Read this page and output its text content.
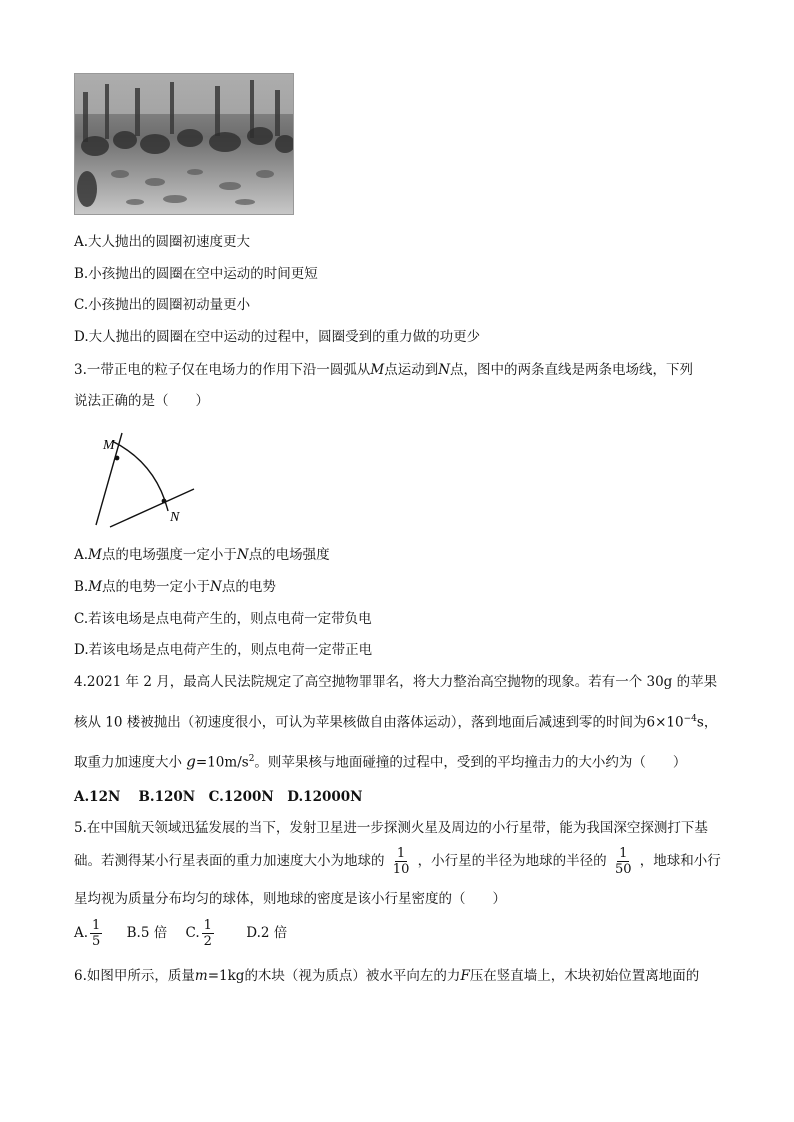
A.大人抛出的圆圈初速度更大
B.小孩抛出的圆圈在空中运动的时间更短
C.小孩抛出的圆圈初动量更小
D.大人抛出的圆圈在空中运动的过程中，圆圈受到的重力做的功更少
3.一带正电的粒子仅在电场力的作用下沿一圆弧从M点运动到N点，图中的两条直线是两条电场线，下列
说法正确的是（　　）
M
N
A.M点的电场强度一定小于N点的电场强度
B.M点的电势一定小于N点的电势
C.若该电场是点电荷产生的，则点电荷一定带负电
D.若该电场是点电荷产生的，则点电荷一定带正电
4.2021 年 2 月，最高人民法院规定了高空抛物罪罪名，将大力整治高空抛物的现象。若有一个 30g 的苹果
核从 10 楼被抛出（初速度很小，可认为苹果核做自由落体运动），落到地面后减速到零的时间为$6\times 10^{-4}s$，
取重力加速度大小 $g=10m/s^2$。则苹果核与地面碰撞的过程中，受到的平均撞击力的大小约为（　　）
A.12N　 B.120N　C.1200N　D.12000N
5.在中国航天领域迅猛发展的当下，发射卫星进一步探测火星及周边的小行星带，能为我国深空探测打下基
础。若测得某小行星表面的重力加速度大小为地球的 $\frac{1}{10}$ ，小行星的半径为地球的半径的 $\frac{1}{50}$ ，地球和小行
星均视为质量分布均匀的球体，则地球的密度是该小行星密度的（　　）
A. $\frac{1}{5} B.5$ 倍 C. $\frac{1}{2} D.2$ 倍
6.如图甲所示，质量m=1kg的木块（视为质点）被水平向左的力F压在竖直墙上，木块初始位置离地面的
